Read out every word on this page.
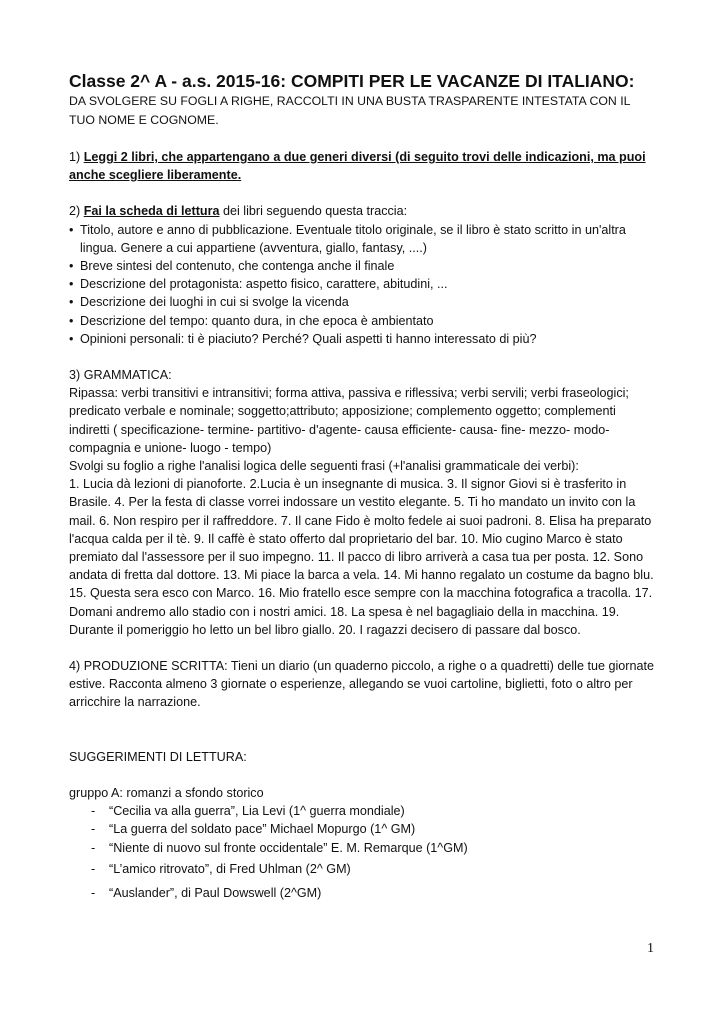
Classe 2^ A - a.s. 2015-16: COMPITI PER LE VACANZE DI ITALIANO:

DA SVOLGERE SU FOGLI A RIGHE, RACCOLTI IN UNA BUSTA TRASPARENTE INTESTATA CON IL TUO NOME E COGNOME.

1) Leggi 2 libri, che appartengano a due generi diversi (di seguito trovi delle indicazioni, ma puoi anche scegliere liberamente.

2) Fai la scheda di lettura dei libri seguendo questa traccia:

• Titolo, autore e anno di pubblicazione. Eventuale titolo originale, se il libro è stato scritto in un'altra lingua. Genere a cui appartiene (avventura, giallo, fantasy, ....)
• Breve sintesi del contenuto, che contenga anche il finale
• Descrizione del protagonista: aspetto fisico, carattere, abitudini, ...
• Descrizione dei luoghi in cui si svolge la vicenda
• Descrizione del tempo: quanto dura, in che epoca è ambientato
• Opinioni personali: ti è piaciuto? Perché? Quali aspetti ti hanno interessato di più?

3) GRAMMATICA:

Ripassa: verbi transitivi e intransitivi; forma attiva, passiva e riflessiva; verbi servili; verbi fraseologici; predicato verbale e nominale; soggetto;attributo; apposizione; complemento oggetto; complementi indiretti ( specificazione- termine- partitivo- d'agente- causa efficiente- causa- fine- mezzo- modo- compagnia e unione- luogo - tempo)

Svolgi su foglio a righe l'analisi logica delle seguenti frasi (+l'analisi grammaticale dei verbi):

1. Lucia dà lezioni di pianoforte. 2.Lucia è un insegnante di musica. 3. Il signor Giovi si è trasferito in Brasile. 4. Per la festa di classe vorrei indossare un vestito elegante. 5. Ti ho mandato un invito con la mail. 6. Non respiro per il raffreddore. 7. Il cane Fido è molto fedele ai suoi padroni. 8. Elisa ha preparato l'acqua calda per il tè. 9. Il caffè è stato offerto dal proprietario del bar. 10. Mio cugino Marco è stato premiato dal l'assessore per il suo impegno. 11. Il pacco di libro arriverà a casa tua per posta. 12. Sono andata di fretta dal dottore. 13. Mi piace la barca a vela. 14. Mi hanno regalato un costume da bagno blu. 15. Questa sera esco con Marco. 16. Mio fratello esce sempre con la macchina fotografica a tracolla. 17. Domani andremo allo stadio con i nostri amici. 18. La spesa è nel bagagliaio della in macchina. 19. Durante il pomeriggio ho letto un bel libro giallo. 20. I ragazzi decisero di passare dal bosco.

4) PRODUZIONE SCRITTA: Tieni un diario (un quaderno piccolo, a righe o a quadretti) delle tue giornate estive. Racconta almeno 3 giornate o esperienze, allegando se vuoi cartoline, biglietti, foto o altro per arricchire la narrazione.

SUGGERIMENTI DI LETTURA:

gruppo A: romanzi a sfondo storico

- “Cecilia va alla guerra”, Lia Levi (1^ guerra mondiale)
- “La guerra del soldato pace” Michael Mopurgo (1^ GM)
- “Niente di nuovo sul fronte occidentale” E. M. Remarque (1^GM)
- “L’amico ritrovato”, di Fred Uhlman (2^ GM)
- “Auslander”, di Paul Dowswell (2^GM)
1
